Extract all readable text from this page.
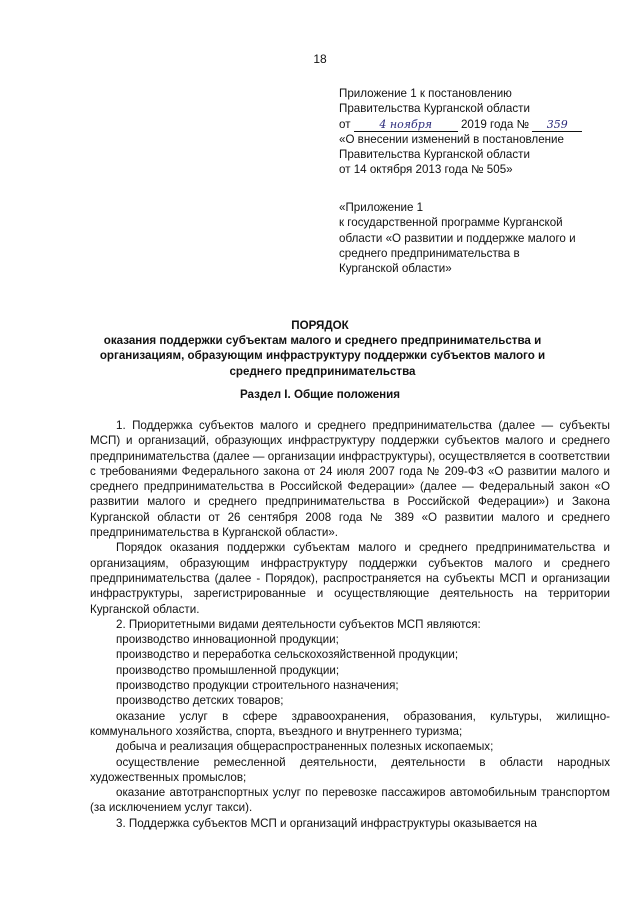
18
Приложение 1 к постановлению
Правительства Курганской области
от	4 ноября 2019 года № 359
«О внесении изменений в постановление
Правительства Курганской области
от 14 октября 2013 года № 505»
«Приложение 1
к государственной программе Курганской
области «О развитии и поддержке малого и
среднего предпринимательства в
Курганской области»
ПОРЯДОК
оказания поддержки субъектам малого и среднего предпринимательства и организациям, образующим инфраструктуру поддержки субъектов малого и среднего предпринимательства
Раздел I. Общие положения

1. Поддержка субъектов малого и среднего предпринимательства (далее — субъекты МСП) и организаций, образующих инфраструктуру поддержки субъектов малого и среднего предпринимательства (далее — организации инфраструктуры), осуществляется в соответствии с требованиями Федерального закона от 24 июля 2007 года № 209-ФЗ «О развитии малого и среднего предпринимательства в Российской Федерации» (далее — Федеральный закон «О развитии малого и среднего предпринимательства в Российской Федерации») и Закона Курганской области от 26 сентября 2008 года № 389 «О развитии малого и среднего предпринимательства в Курганской области».

Порядок оказания поддержки субъектам малого и среднего предпринимательства и организациям, образующим инфраструктуру поддержки субъектов малого и среднего предпринимательства (далее - Порядок), распространяется на субъекты МСП и организации инфраструктуры, зарегистрированные и осуществляющие деятельность на территории Курганской области.

2. Приоритетными видами деятельности субъектов МСП являются:

производство инновационной продукции;

производство и переработка сельскохозяйственной продукции;

производство промышленной продукции;

производство продукции строительного назначения;

производство детских товаров;

оказание услуг в сфере здравоохранения, образования, культуры, жилищно-коммунального хозяйства, спорта, въездного и внутреннего туризма;

добыча и реализация общераспространенных полезных ископаемых;

осуществление ремесленной деятельности, деятельности в области народных художественных промыслов;

оказание автотранспортных услуг по перевозке пассажиров автомобильным транспортом (за исключением услуг такси).

3. Поддержка субъектов МСП и организаций инфраструктуры оказывается на
